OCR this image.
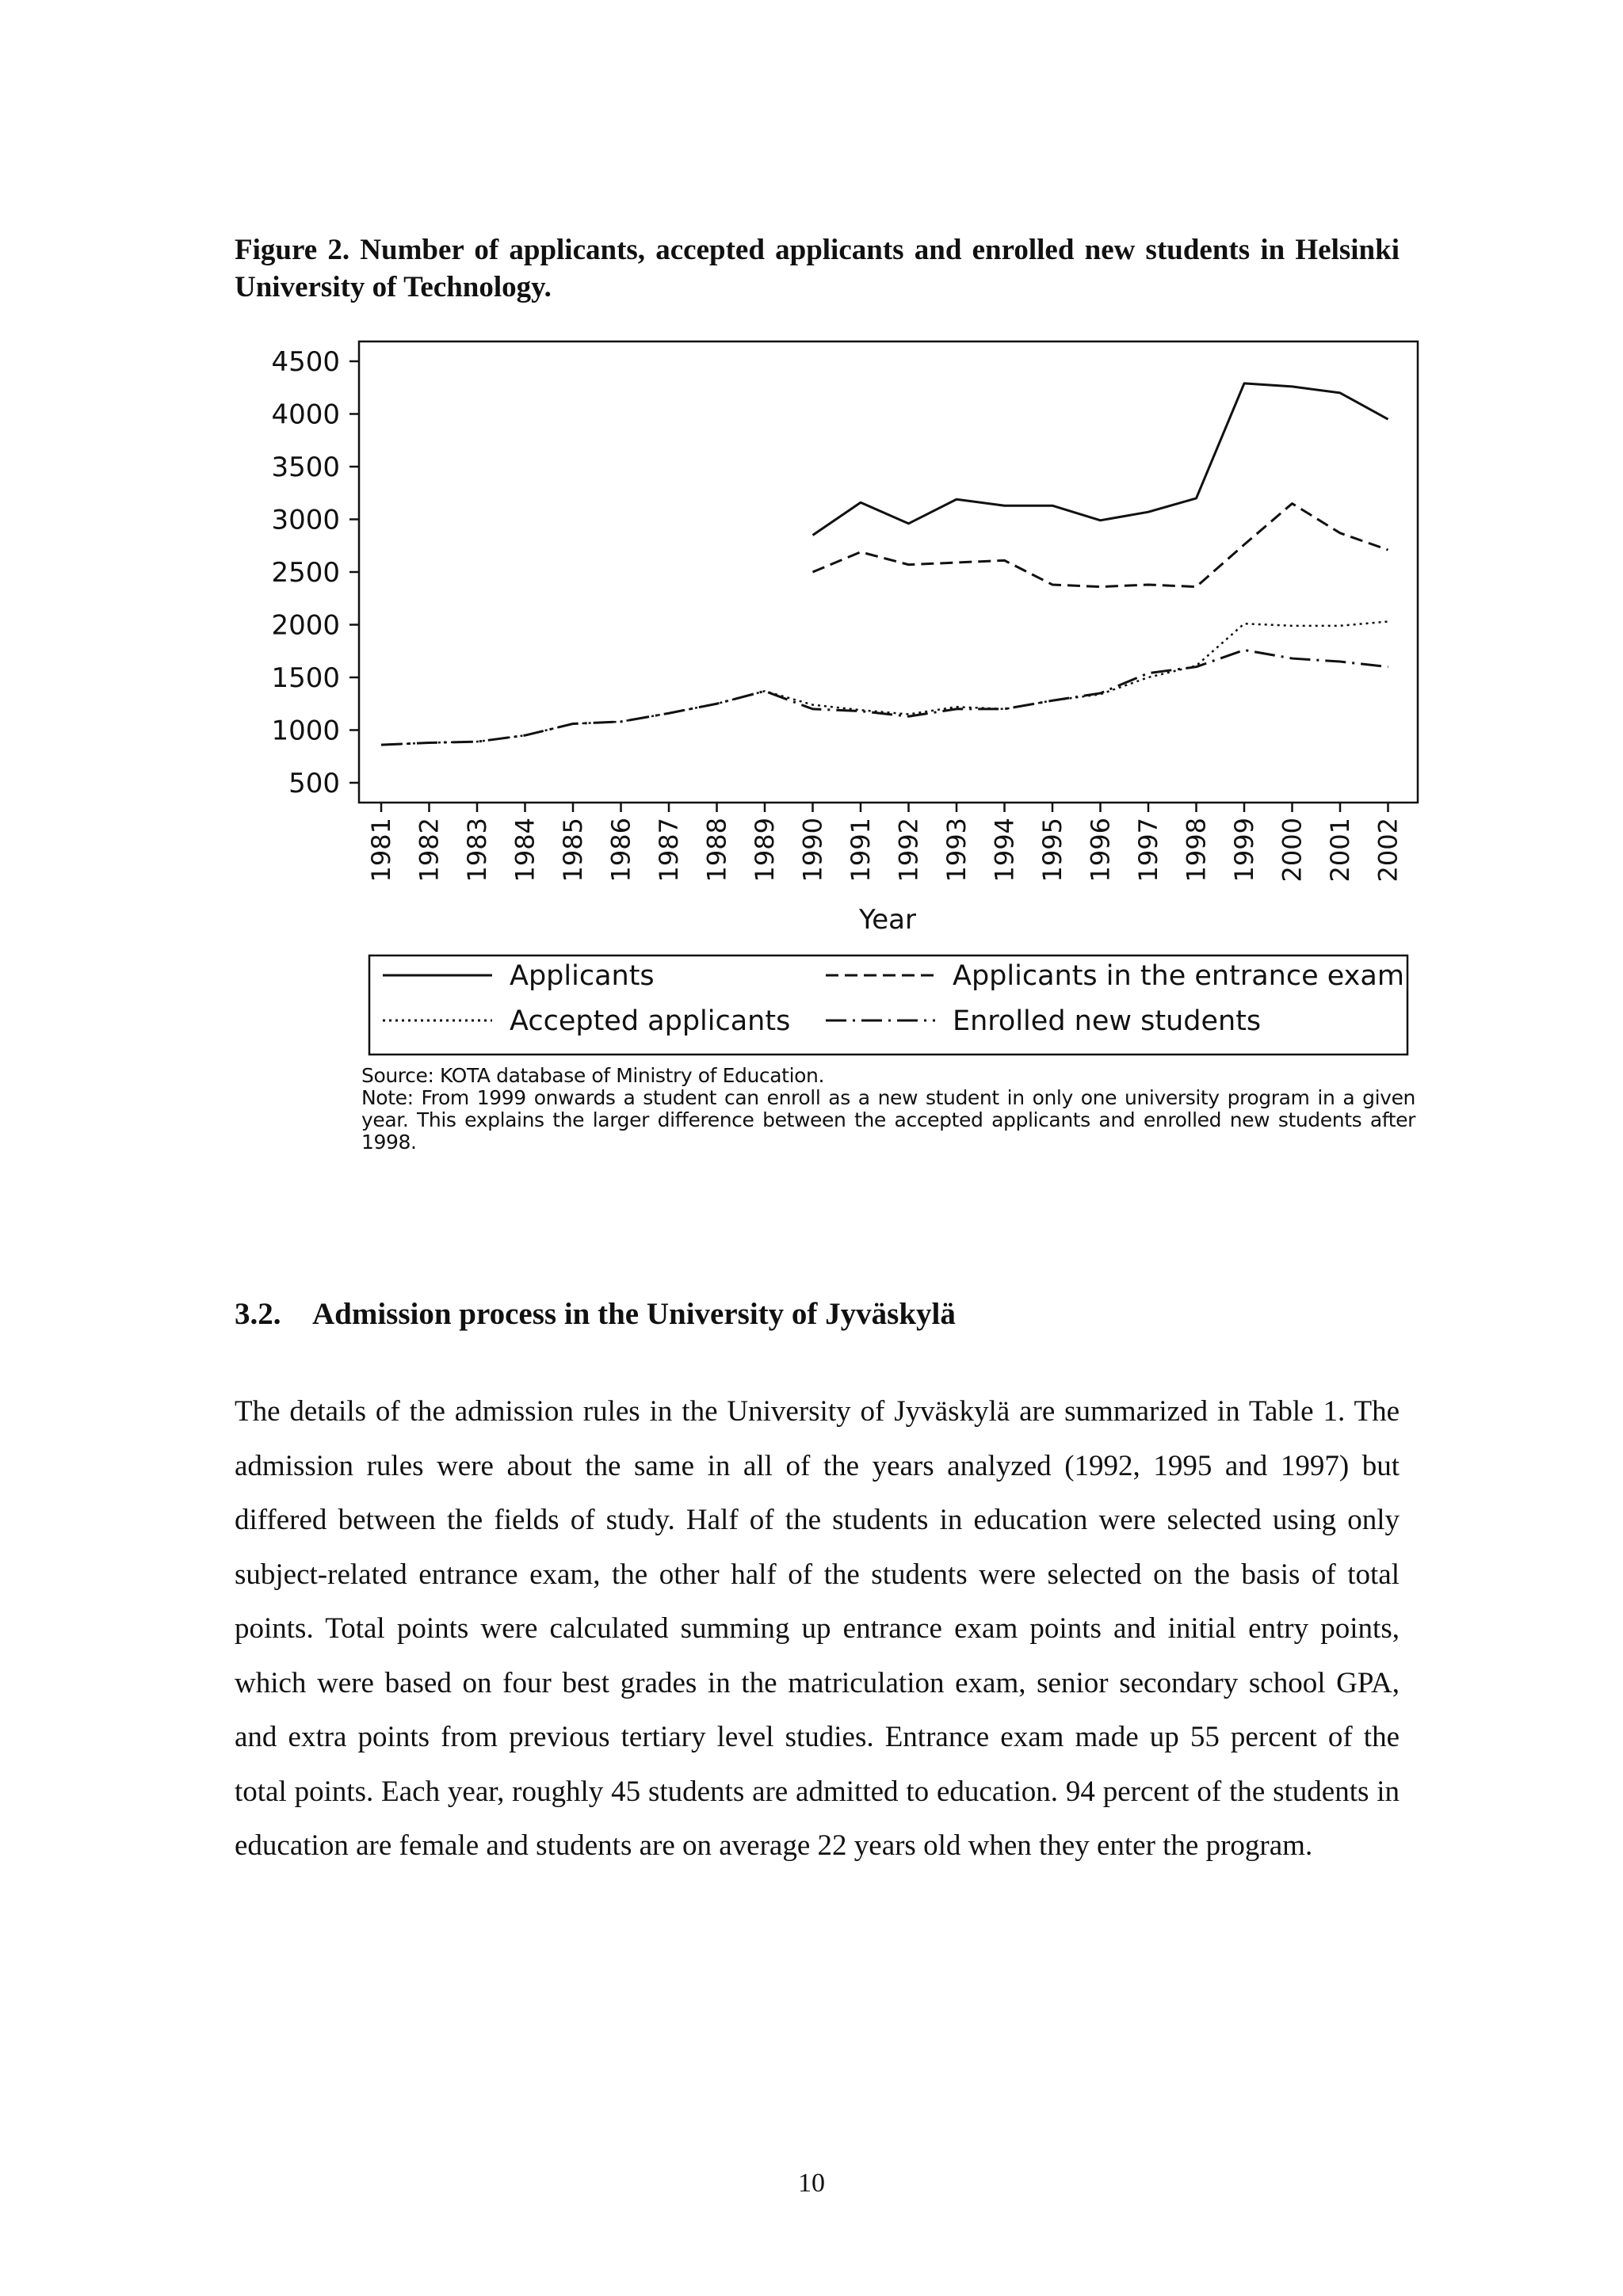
Figure 2. Number of applicants, accepted applicants and enrolled new students in Helsinki University of Technology.
500
1000
1500
2000
2500
3000
3500
4000
4500
1981 1982 1983 1984 1985 1986 1987 1988 1989 1990 1991 1992 1993 1994 1995 1996 1997 1998 1999 2000 2001 2002
Year
Applicants	Applicants in the entrance exam
Accepted applicants	Enrolled new students
Source: KOTA database of Ministry of Education.
Note: From 1999 onwards a student can enroll as a new student in only one university program in a given year. This explains the larger difference between the accepted applicants and enrolled new students after 1998.
3.2. Admission process in the University of Jyväskylä

The details of the admission rules in the University of Jyväskylä are summarized in Table 1. The admission rules were about the same in all of the years analyzed (1992, 1995 and 1997) but differed between the fields of study. Half of the students in education were selected using only subject-related entrance exam, the other half of the students were selected on the basis of total points. Total points were calculated summing up entrance exam points and initial entry points, which were based on four best grades in the matriculation exam, senior secondary school GPA, and extra points from previous tertiary level studies. Entrance exam made up 55 percent of the total points. Each year, roughly 45 students are admitted to education. 94 percent of the students in education are female and students are on average 22 years old when they enter the program.

10
